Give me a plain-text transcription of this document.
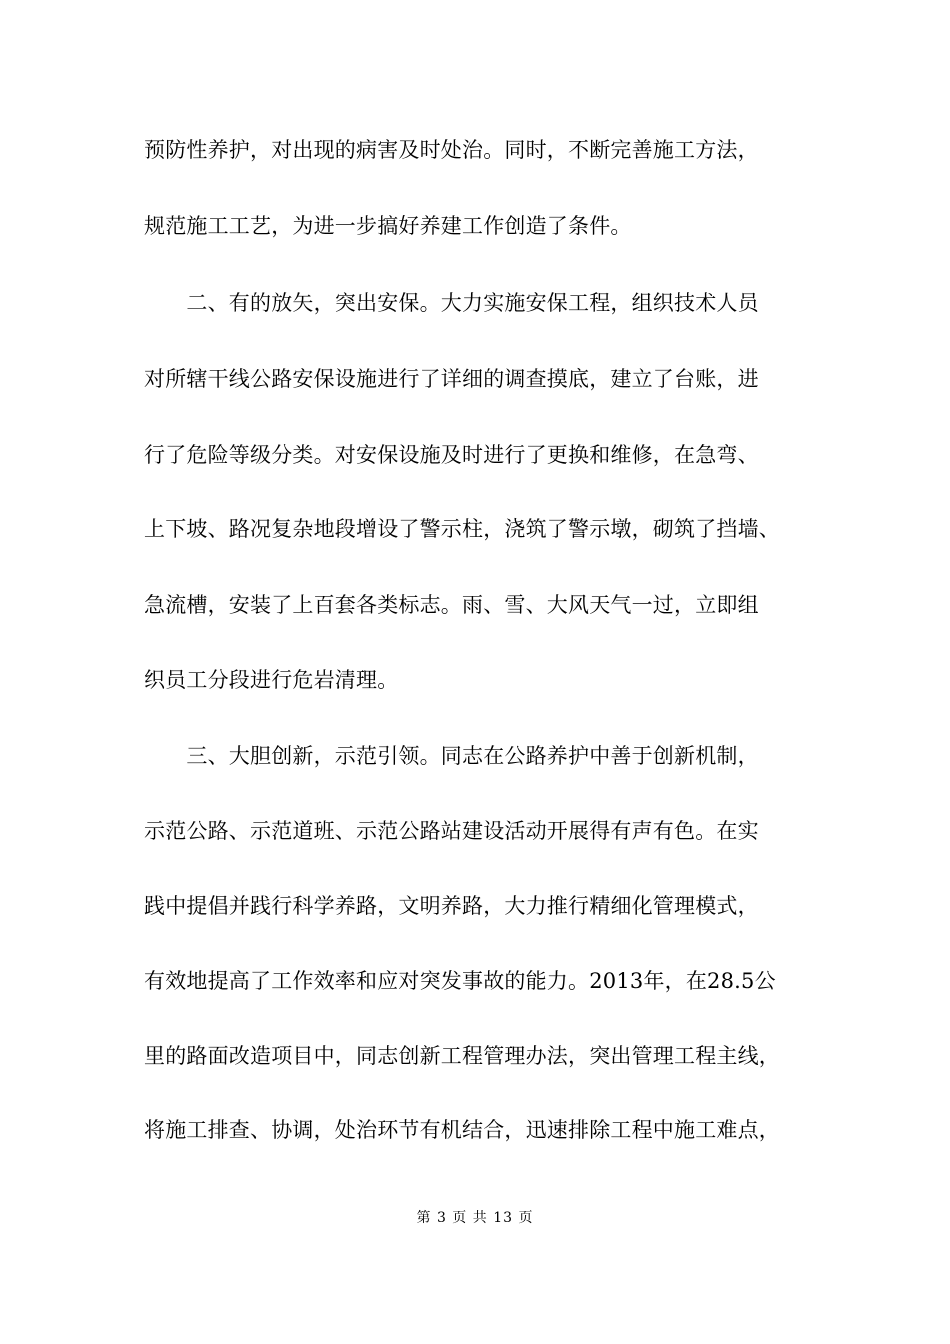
预防性养护，对出现的病害及时处治。同时，不断完善施工方法，
规范施工工艺，为进一步搞好养建工作创造了条件。
　　二、有的放矢，突出安保。大力实施安保工程，组织技术人员
对所辖干线公路安保设施进行了详细的调查摸底，建立了台账，进
行了危险等级分类。对安保设施及时进行了更换和维修，在急弯、
上下坡、路况复杂地段增设了警示柱，浇筑了警示墩，砌筑了挡墙、
急流槽，安装了上百套各类标志。雨、雪、大风天气一过，立即组
织员工分段进行危岩清理。
　　三、大胆创新，示范引领。同志在公路养护中善于创新机制，
示范公路、示范道班、示范公路站建设活动开展得有声有色。在实
践中提倡并践行科学养路，文明养路，大力推行精细化管理模式，
有效地提高了工作效率和应对突发事故的能力。2013年，在28.5公
里的路面改造项目中，同志创新工程管理办法，突出管理工程主线，
将施工排查、协调，处治环节有机结合，迅速排除工程中施工难点，
第 3 页 共 13 页
